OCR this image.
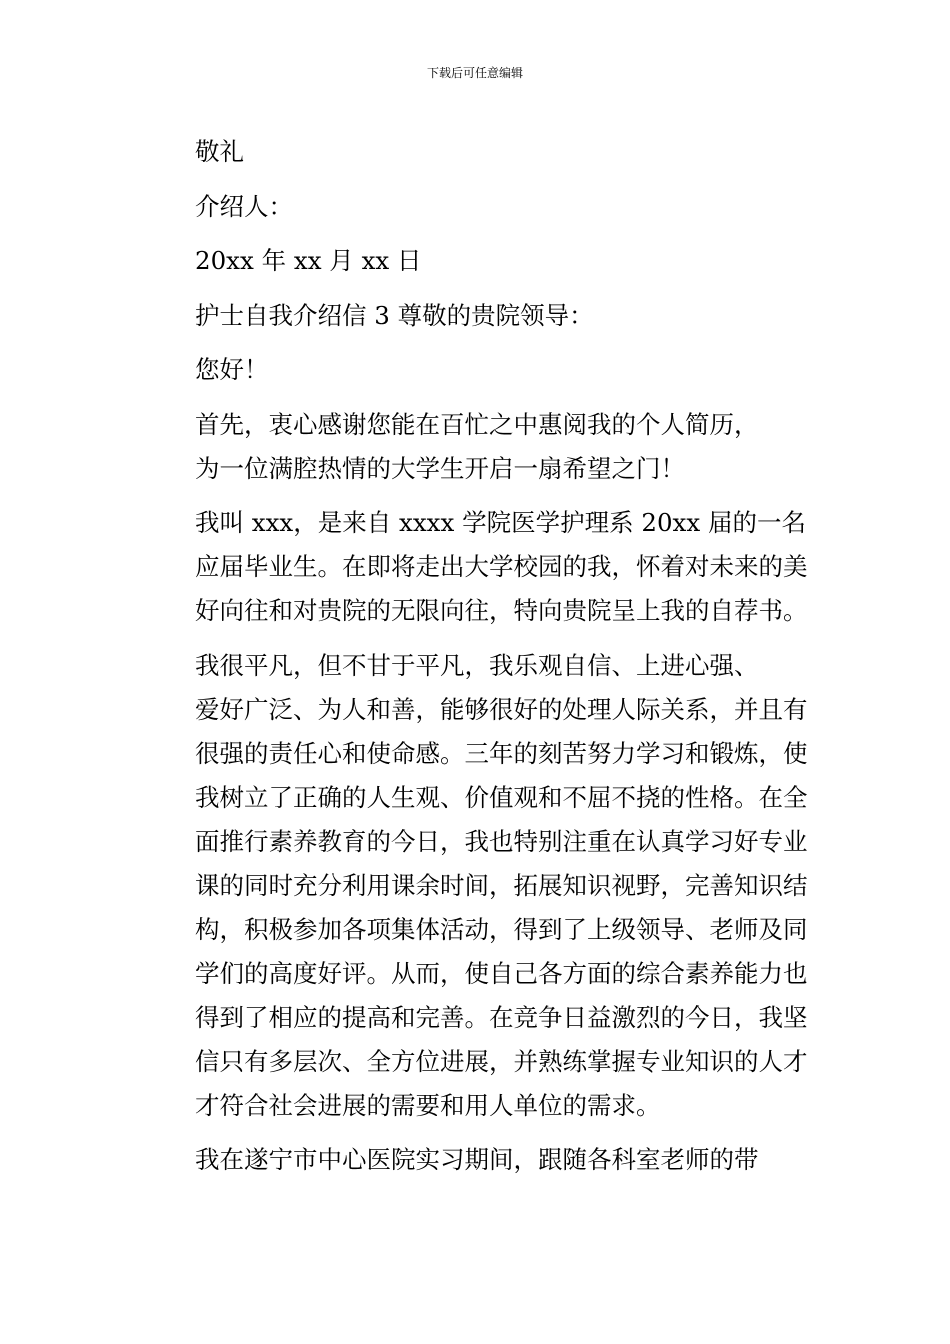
下载后可任意编辑

敬礼

介绍人：

20xx 年 xx 月 xx 日

护士自我介绍信 3 尊敬的贵院领导：

您好！

首先，衷心感谢您能在百忙之中惠阅我的个人简历，
为一位满腔热情的大学生开启一扇希望之门！

我叫 xxx，是来自 xxxx 学院医学护理系 20xx 届的一名
应届毕业生。在即将走出大学校园的我，怀着对未来的美
好向往和对贵院的无限向往，特向贵院呈上我的自荐书。

我很平凡，但不甘于平凡，我乐观自信、上进心强、
爱好广泛、为人和善，能够很好的处理人际关系，并且有
很强的责任心和使命感。三年的刻苦努力学习和锻炼，使
我树立了正确的人生观、价值观和不屈不挠的性格。在全
面推行素养教育的今日，我也特别注重在认真学习好专业
课的同时充分利用课余时间，拓展知识视野，完善知识结
构，积极参加各项集体活动，得到了上级领导、老师及同
学们的高度好评。从而，使自己各方面的综合素养能力也
得到了相应的提高和完善。在竞争日益激烈的今日，我坚
信只有多层次、全方位进展，并熟练掌握专业知识的人才
才符合社会进展的需要和用人单位的需求。

我在遂宁市中心医院实习期间，跟随各科室老师的带
